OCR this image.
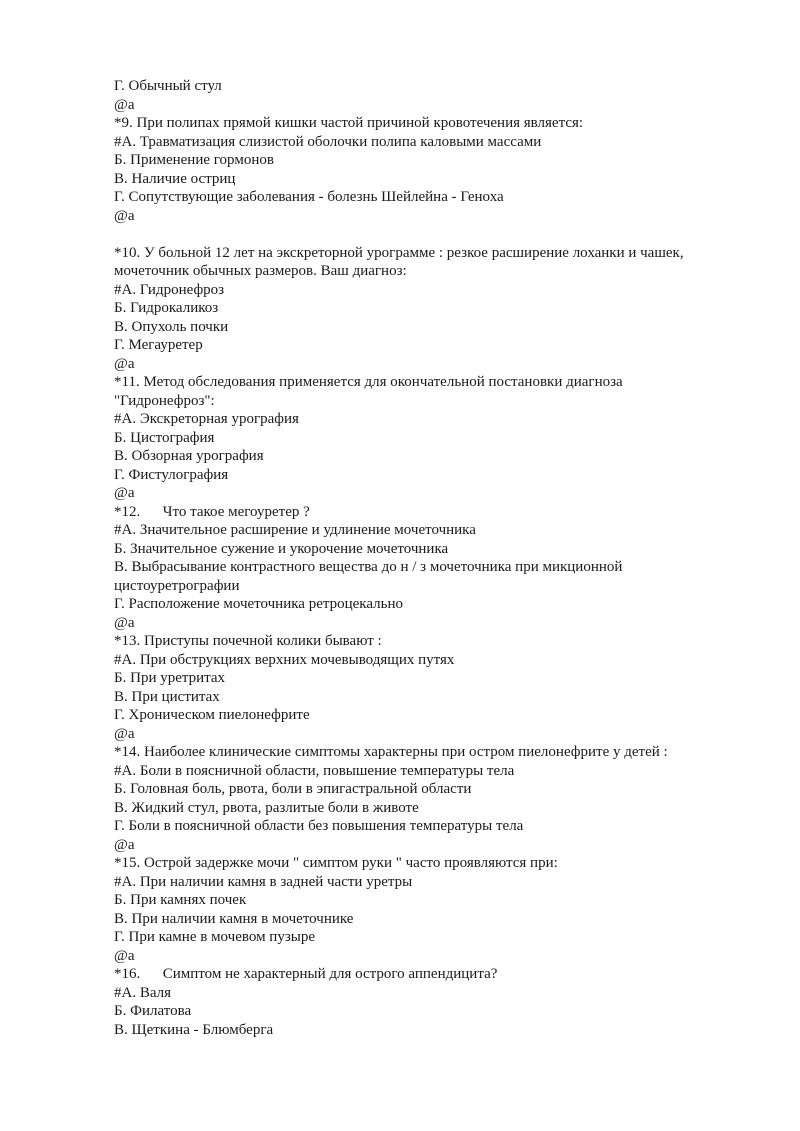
Г. Обычный стул
@а
*9. При полипах прямой кишки частой причиной кровотечения является:
#А. Травматизация слизистой оболочки полипа каловыми массами
Б. Применение гормонов
В. Наличие остриц
Г. Сопутствующие заболевания - болезнь Шейлейна - Геноха
@а
*10. У больной 12 лет на экскреторной урограмме : резкое расширение лоханки и чашек,
мочеточник обычных размеров. Ваш диагноз:
#А. Гидронефроз
Б. Гидрокаликоз
В. Опухоль почки
Г. Мегауретер
@а
*11. Метод обследования применяется для окончательной постановки диагноза
"Гидронефроз":
#А. Экскреторная урография
Б. Цистография
В. Обзорная урография
Г. Фистулография
@а
*12.      Что такое мегоуретер ?
#А. Значительное расширение и удлинение мочеточника
Б. Значительное сужение и укорочение мочеточника
В. Выбрасывание контрастного вещества до н / з мочеточника при микционной
цистоуретрографии
Г. Расположение мочеточника ретроцекально
@а
*13. Приступы почечной колики бывают :
#А. При обструкциях верхних мочевыводящих путях
Б. При уретритах
В. При циститах
Г. Хроническом пиелонефрите
@а
*14. Наиболее клинические симптомы характерны при остром пиелонефрите у детей :
#А. Боли в поясничной области, повышение температуры тела
Б. Головная боль, рвота, боли в эпигастральной области
В. Жидкий стул, рвота, разлитые боли в животе
Г. Боли в поясничной области без повышения температуры тела
@а
*15. Острой задержке мочи " симптом руки " часто проявляются при:
#А. При наличии камня в задней части уретры
Б. При камнях почек
В. При наличии камня в мочеточнике
Г. При камне в мочевом пузыре
@а
*16.      Симптом не характерный для острого аппендицита?
#А. Валя
Б. Филатова
В. Щеткина - Блюмберга
